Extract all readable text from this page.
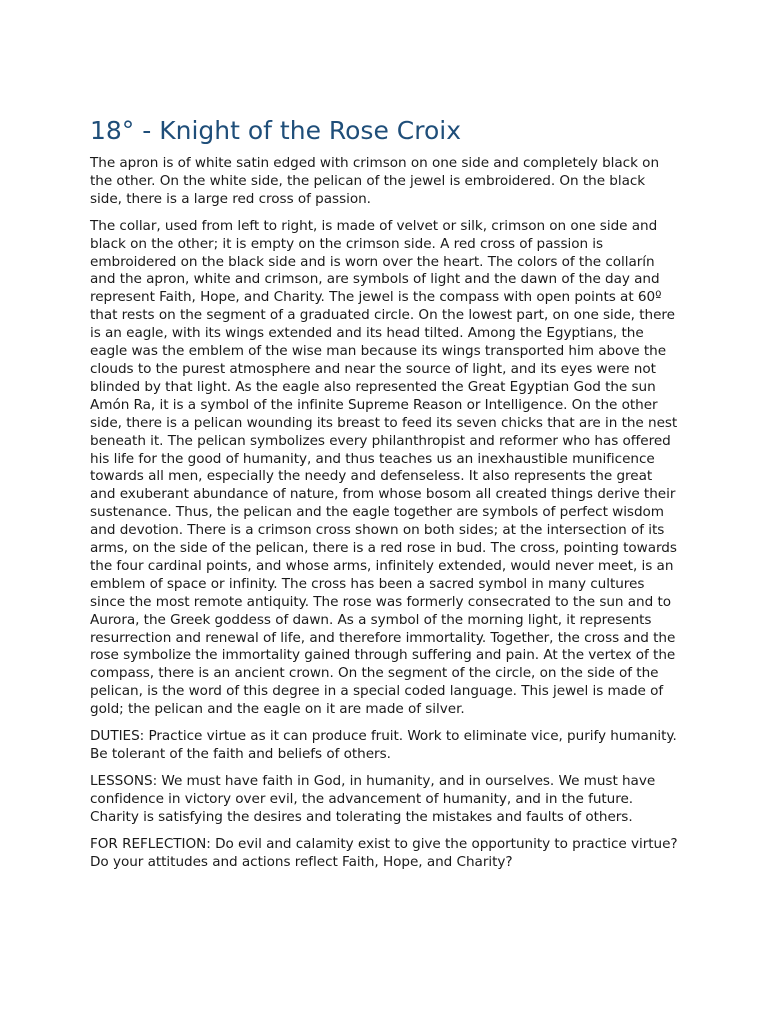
18° - Knight of the Rose Croix

The apron is of white satin edged with crimson on one side and completely black on the other. On the white side, the pelican of the jewel is embroidered. On the black side, there is a large red cross of passion.

The collar, used from left to right, is made of velvet or silk, crimson on one side and black on the other; it is empty on the crimson side. A red cross of passion is embroidered on the black side and is worn over the heart. The colors of the collarín and the apron, white and crimson, are symbols of light and the dawn of the day and represent Faith, Hope, and Charity. The jewel is the compass with open points at 60º that rests on the segment of a graduated circle. On the lowest part, on one side, there is an eagle, with its wings extended and its head tilted. Among the Egyptians, the eagle was the emblem of the wise man because its wings transported him above the clouds to the purest atmosphere and near the source of light, and its eyes were not blinded by that light. As the eagle also represented the Great Egyptian God the sun Amón Ra, it is a symbol of the infinite Supreme Reason or Intelligence. On the other side, there is a pelican wounding its breast to feed its seven chicks that are in the nest beneath it. The pelican symbolizes every philanthropist and reformer who has offered his life for the good of humanity, and thus teaches us an inexhaustible munificence towards all men, especially the needy and defenseless. It also represents the great and exuberant abundance of nature, from whose bosom all created things derive their sustenance. Thus, the pelican and the eagle together are symbols of perfect wisdom and devotion. There is a crimson cross shown on both sides; at the intersection of its arms, on the side of the pelican, there is a red rose in bud. The cross, pointing towards the four cardinal points, and whose arms, infinitely extended, would never meet, is an emblem of space or infinity. The cross has been a sacred symbol in many cultures since the most remote antiquity. The rose was formerly consecrated to the sun and to Aurora, the Greek goddess of dawn. As a symbol of the morning light, it represents resurrection and renewal of life, and therefore immortality. Together, the cross and the rose symbolize the immortality gained through suffering and pain. At the vertex of the compass, there is an ancient crown. On the segment of the circle, on the side of the pelican, is the word of this degree in a special coded language. This jewel is made of gold; the pelican and the eagle on it are made of silver.

DUTIES: Practice virtue as it can produce fruit. Work to eliminate vice, purify humanity. Be tolerant of the faith and beliefs of others.

LESSONS: We must have faith in God, in humanity, and in ourselves. We must have confidence in victory over evil, the advancement of humanity, and in the future. Charity is satisfying the desires and tolerating the mistakes and faults of others.

FOR REFLECTION: Do evil and calamity exist to give the opportunity to practice virtue? Do your attitudes and actions reflect Faith, Hope, and Charity?
